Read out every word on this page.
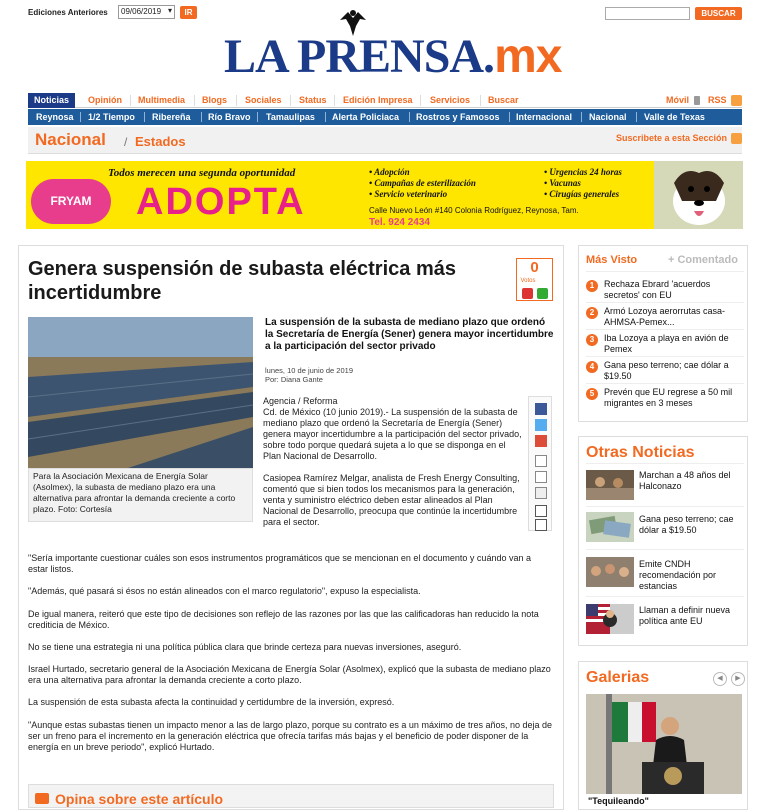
Ediciones Anteriores	09/06/2019 ▾	IR	BUSCAR
LA PRENSA.mx
Noticias	Opinión	Multimedia	Blogs	Sociales	Status	Edición Impresa	Servicios	Buscar	Móvil	RSS
Reynosa 1/2 Tiempo Ribereña Río Bravo Tamaulipas Alerta Policiaca Rostros y Famosos Internacional Nacional Valle de Texas
Nacional / Estados	Suscribete a esta Sección
FRYAM
Todos merecen una segunda oportunidad
ADOPTA
• Adopción
• Campañas de esterilización
• Servicio veterinario
• Urgencias 24 horas
• Vacunas
• Cirugías generales
Calle Nuevo León #140 Colonia Rodríguez, Reynosa, Tam.
Tel. 924 2434
Genera suspensión de subasta eléctrica más incertidumbre
0
Votos
Para la Asociación Mexicana de Energía Solar (Asolmex), la subasta de mediano plazo era una alternativa para afrontar la demanda creciente a corto plazo. Foto: Cortesía
La suspensión de la subasta de mediano plazo que ordenó la Secretaría de Energía (Sener) genera mayor incertidumbre a la participación del sector privado
lunes, 10 de junio de 2019
Por: Diana Gante
Agencia / Reforma
Cd. de México (10 junio 2019).- La suspensión de la subasta de mediano plazo que ordenó la Secretaría de Energía (Sener) genera mayor incertidumbre a la participación del sector privado, sobre todo porque quedará sujeta a lo que se disponga en el Plan Nacional de Desarrollo.
Casiopea Ramírez Melgar, analista de Fresh Energy Consulting, comentó que si bien todos los mecanismos para la generación, venta y suministro eléctrico deben estar alineados al Plan Nacional de Desarrollo, preocupa que continúe la incertidumbre para el sector.
"Sería importante cuestionar cuáles son esos instrumentos programáticos que se mencionan en el documento y cuándo van a estar listos.
"Además, qué pasará si ésos no están alineados con el marco regulatorio", expuso la especialista.
De igual manera, reiteró que este tipo de decisiones son reflejo de las razones por las que las calificadoras han reducido la nota crediticia de México.
No se tiene una estrategia ni una política pública clara que brinde certeza para nuevas inversiones, aseguró.
Israel Hurtado, secretario general de la Asociación Mexicana de Energía Solar (Asolmex), explicó que la subasta de mediano plazo era una alternativa para afrontar la demanda creciente a corto plazo.
La suspensión de esta subasta afecta la continuidad y certidumbre de la inversión, expresó.
"Aunque estas subastas tienen un impacto menor a las de largo plazo, porque su contrato es a un máximo de tres años, no deja de ser un freno para el incremento en la generación eléctrica que ofrecía tarifas más bajas y el beneficio de poder disponer de la energía en un breve periodo", explicó Hurtado.
Opina sobre este artículo
Más Visto	+ Comentado
1	Rechaza Ebrard 'acuerdos secretos' con EU
2	Armó Lozoya aerorrutas casa-AHMSA-Pemex...
3	Iba Lozoya a playa en avión de Pemex
4	Gana peso terreno; cae dólar a $19.50
5	Prevén que EU regrese a 50 mil migrantes en 3 meses
Otras Noticias
Marchan a 48 años del Halconazo
Gana peso terreno; cae dólar a $19.50
Emite CNDH recomendación por estancias
Llaman a definir nueva política ante EU
Galerias	◀	▶
"Tequileando"
